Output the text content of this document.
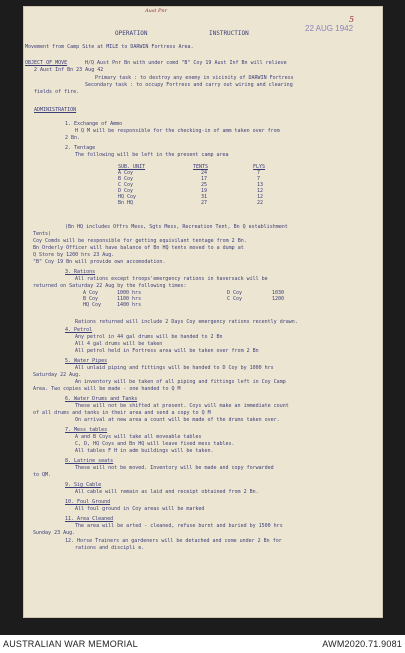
Aust Pnr
5
22 AUG 1942
OPERATION	INSTRUCTION
Movement from Camp Site at MILE to DARWIN Fortress Area.
OBJECT OF MOVE	H/Q Aust Pnr Bn with under comd "B" Coy 19 Aust Inf Bn will relieve
2 Aust Inf Bn 23 Aug 42
Primary task : to destroy any enemy in vicinity of DARWIN Fortress
Secondary task : to occupy Fortress and carry out wiring and clearing
fields of fire.
ADMINISTRATION
1. Exchange of Ammo
H Q M will be responsible for the checking-in of amm taken over from
2 Bn.
2. Tentage
The following will be left in the present camp area
SUB. UNIT	TENTS	FLYS
A Coy	24	7
B Coy	17	7
C Coy	25	13
D Coy	19	12
HQ Coy	31	12
Bn HQ	27	22
(Bn HQ includes Offrs Mess, Sgts Mess, Recreation Tent, Bn Q establishment
Tents)
Coy Comds will be responsible for getting equivilant tentage from 2 Bn.
Bn Orderly Officer will have balance of Bn HQ tents moved to a dump at
Q Store by 1200 hrs 23 Aug.
"B" Coy 19 Bn will provide own accomodation.
3. Rations
All rations except troops'emergency rations in haversack will be
returned on Saturday 22 Aug by the following times:
A Coy	1000 hrs	D Coy	1030
B Coy	1100 hrs	C Coy	1200
HQ Coy	1400 hrs		
Rations returned will include 2 Days Coy emergency rations recently drawn.
4. Petrol
Any petrol in 44 gal drums will be handed to 2 Bn
All 4 gal drums will be taken
All petrol held in Fortress area will be taken over from 2 Bn
5. Water Pipes
All unlaid piping and fittings will be handed to D Coy by 1000 hrs
Saturday 22 Aug.
An inventory will be taken of all piping and fittings left in Coy Camp
Area. Two copies will be made - one handed to Q M
6. Water Drums and Tanks
These will not be shifted at present. Coys will make an immediate count
of all drums and tanks in their area and send a copy to Q M
On arrival at new area a count will be made of the drums taken over.
7. Mess tables
A and B Coys will take all moveable tables
C, D, HQ Coys and Bn HQ will leave fixed mess tables.
All tables F H in adm buildings will be taken.
8. Latrine seats
These will not be moved. Inventory will be made and copy forwarded
to QM.
9. Sig Cable
All cable will remain as laid and receipt obtained from 2 Bn.
10. Foul Ground
All foul ground in Coy areas will be marked
11. Area Cleaned
The area will be arted - cleaned, refuse burnt and buried by 1500 hrs
Sunday 23 Aug.
12. Horse Trainers an gardeners will be detached and come under 2 Bn for
rations and discipli e.
AUSTRALIAN WAR MEMORIAL	AWM2020.71.9081
